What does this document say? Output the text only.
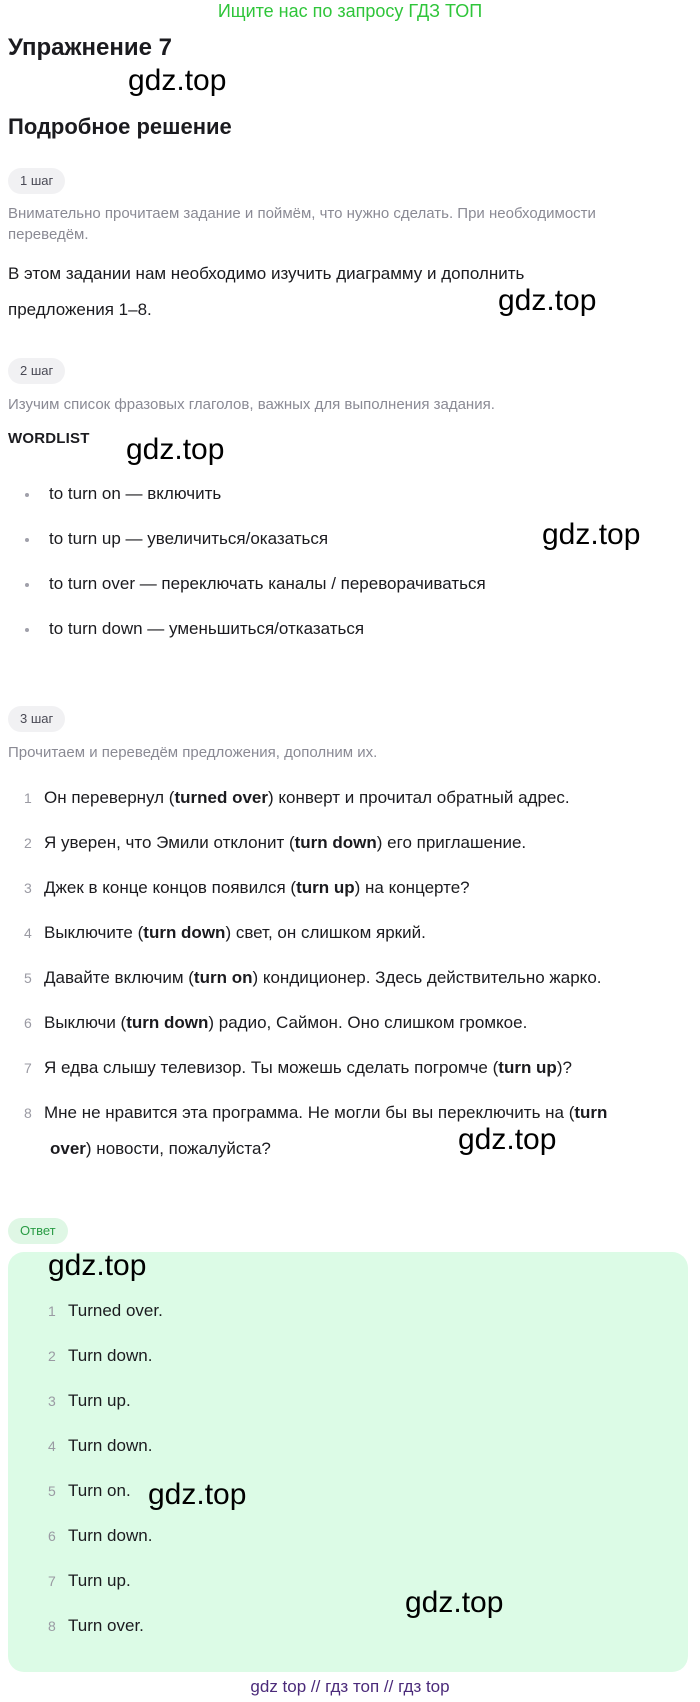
Ищите нас по запросу ГДЗ ТОП
Упражнение 7
gdz.top
Подробное решение
1 шаг
Внимательно прочитаем задание и поймём, что нужно сделать. При необходимости переведём.
В этом задании нам необходимо изучить диаграмму и дополнить
предложения 1–8.	gdz.top
2 шаг
Изучим список фразовых глаголов, важных для выполнения задания.
WORDLIST gdz.top
to turn on — включить
to turn up — увеличиться/оказаться
to turn over — переключать каналы / переворачиваться
to turn down — уменьшиться/отказаться
gdz.top
3 шаг
Прочитаем и переведём предложения, дополним их.
1 Он перевернул (turned over) конверт и прочитал обратный адрес.
2 Я уверен, что Эмили отклонит (turn down) его приглашение.
3 Джек в конце концов появился (turn up) на концерте?
4 Выключите (turn down) свет, он слишком яркий.
5 Давайте включим (turn on) кондиционер. Здесь действительно жарко.
6 Выключи (turn down) радио, Саймон. Оно слишком громкое.
7 Я едва слышу телевизор. Ты можешь сделать погромче (turn up)?
8 Мне не нравится эта программа. Не могли бы вы переключить на (turn
over) новости, пожалуйста?	gdz.top
Ответ
gdz.top
1 Turned over.
2 Turn down.
3 Turn up.
4 Turn down.
5 Turn on.
6 Turn down.
7 Turn up.
8 Turn over.
gdz.top
gdz.top
gdz top // гдз топ // гдз top
